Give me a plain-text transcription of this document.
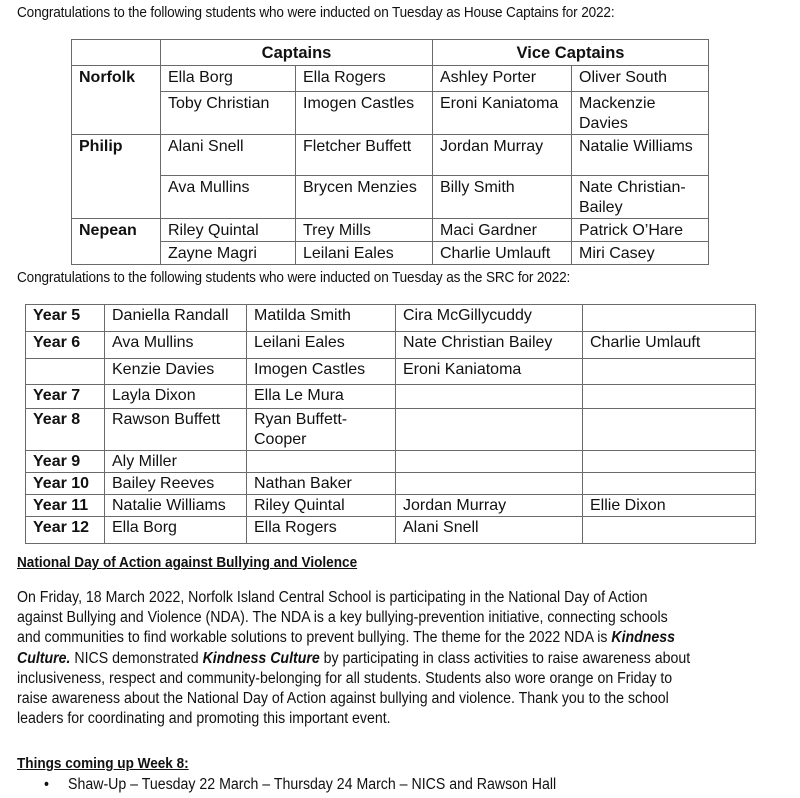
Congratulations to the following students who were inducted on Tuesday as House Captains for 2022:
	Captains		Vice Captains	
Norfolk	Ella Borg	Ella Rogers	Ashley Porter	Oliver South
	Toby Christian	Imogen Castles	Eroni Kaniatoma	Mackenzie Davies
Philip	Alani Snell	Fletcher Buffett	Jordan Murray	Natalie Williams
	Ava Mullins	Brycen Menzies	Billy Smith	Nate Christian-Bailey
Nepean	Riley Quintal	Trey Mills	Maci Gardner	Patrick O’Hare
	Zayne Magri	Leilani Eales	Charlie Umlauft	Miri Casey
Congratulations to the following students who were inducted on Tuesday as the SRC for 2022:
Year 5	Daniella Randall	Matilda Smith	Cira McGillycuddy	
Year 6	Ava Mullins	Leilani Eales	Nate Christian Bailey	Charlie Umlauft
	Kenzie Davies	Imogen Castles	Eroni Kaniatoma	
Year 7	Layla Dixon	Ella Le Mura		
Year 8	Rawson Buffett	Ryan Buffett-Cooper		
Year 9	Aly Miller			
Year 10	Bailey Reeves	Nathan Baker		
Year 11	Natalie Williams	Riley Quintal	Jordan Murray	Ellie Dixon
Year 12	Ella Borg	Ella Rogers	Alani Snell	
National Day of Action against Bullying and Violence

On Friday, 18 March 2022, Norfolk Island Central School is participating in the National Day of Action

against Bullying and Violence (NDA). The NDA is a key bullying-prevention initiative, connecting schools

and communities to find workable solutions to prevent bullying. The theme for the 2022 NDA is Kindness

Culture. NICS demonstrated Kindness Culture by participating in class activities to raise awareness about

inclusiveness, respect and community-belonging for all students. Students also wore orange on Friday to

raise awareness about the National Day of Action against bullying and violence. Thank you to the school

leaders for coordinating and promoting this important event.

Things coming up Week 8:
• Shaw-Up – Tuesday 22 March – Thursday 24 March – NICS and Rawson Hall
